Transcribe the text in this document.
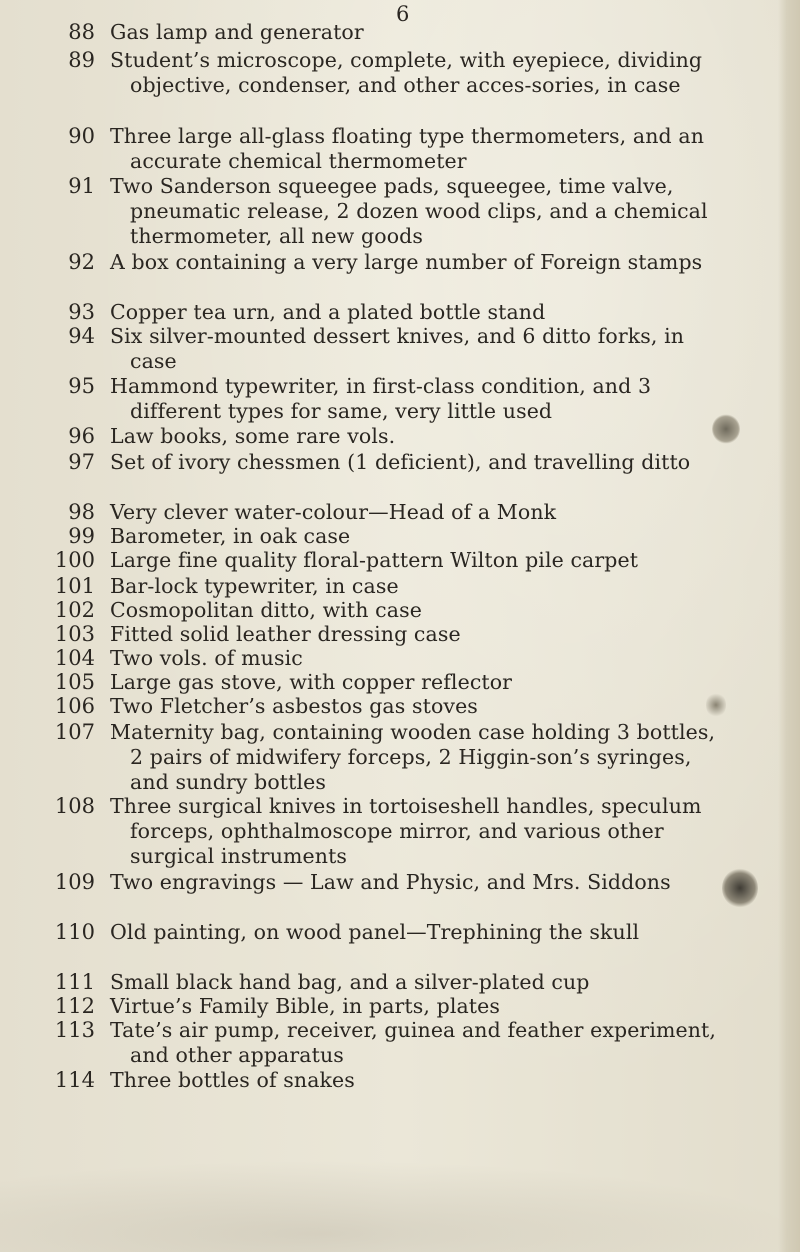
6
88 Gas lamp and generator
89 Student’s microscope, complete, with eyepiece, dividing objective, condenser, and other acces-sories, in case
90 Three large all-glass floating type thermometers, and an accurate chemical thermometer
91 Two Sanderson squeegee pads, squeegee, time valve, pneumatic release, 2 dozen wood clips, and a chemical thermometer, all new goods
92 A box containing a very large number of Foreign stamps
93 Copper tea urn, and a plated bottle stand
94 Six silver-mounted dessert knives, and 6 ditto forks, in case
95 Hammond typewriter, in first-class condition, and 3 different types for same, very little used
96 Law books, some rare vols.
97 Set of ivory chessmen (1 deficient), and travelling ditto
98 Very clever water-colour—Head of a Monk
99 Barometer, in oak case
100 Large fine quality floral-pattern Wilton pile carpet
101 Bar-lock typewriter, in case
102 Cosmopolitan ditto, with case
103 Fitted solid leather dressing case
104 Two vols. of music
105 Large gas stove, with copper reflector
106 Two Fletcher’s asbestos gas stoves
107 Maternity bag, containing wooden case holding 3 bottles, 2 pairs of midwifery forceps, 2 Higgin-son’s syringes, and sundry bottles
108 Three surgical knives in tortoiseshell handles, speculum forceps, ophthalmoscope mirror, and various other surgical instruments
109 Two engravings — Law and Physic, and Mrs. Siddons
110 Old painting, on wood panel—Trephining the skull
111 Small black hand bag, and a silver-plated cup
112 Virtue’s Family Bible, in parts, plates
113 Tate’s air pump, receiver, guinea and feather experiment, and other apparatus
114 Three bottles of snakes
